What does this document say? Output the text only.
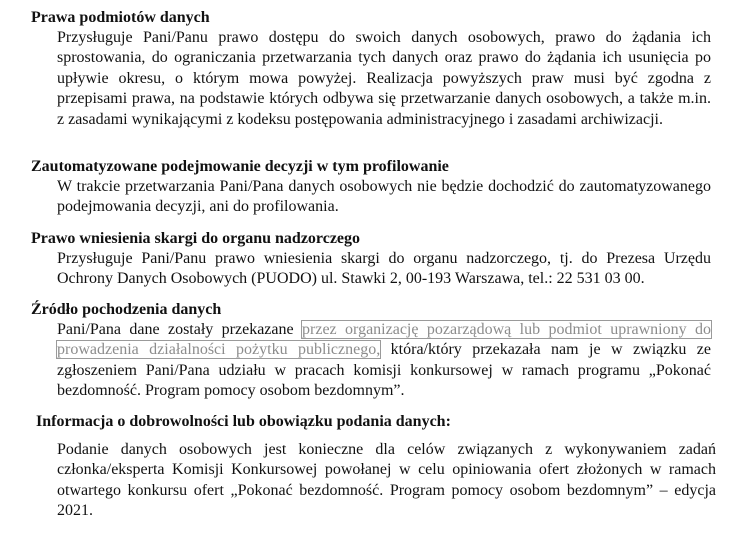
Prawa podmiotów danych

Przysługuje Pani/Panu prawo dostępu do swoich danych osobowych, prawo do żądania ich sprostowania, do ograniczania przetwarzania tych danych oraz prawo do żądania ich usunięcia po upływie okresu, o którym mowa powyżej. Realizacja powyższych praw musi być zgodna z przepisami prawa, na podstawie których odbywa się przetwarzanie danych osobowych, a także m.in. z zasadami wynikającymi z kodeksu postępowania administracyjnego i zasadami archiwizacji.

Zautomatyzowane podejmowanie decyzji w tym profilowanie

W trakcie przetwarzania Pani/Pana danych osobowych nie będzie dochodzić do zautomatyzowanego podejmowania decyzji, ani do profilowania.

Prawo wniesienia skargi do organu nadzorczego

Przysługuje Pani/Panu prawo wniesienia skargi do organu nadzorczego, tj. do Prezesa Urzędu Ochrony Danych Osobowych (PUODO) ul. Stawki 2, 00-193 Warszawa, tel.: 22 531 03 00.

Źródło pochodzenia danych

Pani/Pana dane zostały przekazane przez organizację pozarządową lub podmiot uprawniony do prowadzenia działalności pożytku publicznego, która/który przekazała nam je w związku ze zgłoszeniem Pani/Pana udziału w pracach komisji konkursowej w ramach programu „Pokonać bezdomność. Program pomocy osobom bezdomnym”.

Informacja o dobrowolności lub obowiązku podania danych:

Podanie danych osobowych jest konieczne dla celów związanych z wykonywaniem zadań członka/eksperta Komisji Konkursowej powołanej w celu opiniowania ofert złożonych w ramach otwartego konkursu ofert „Pokonać bezdomność. Program pomocy osobom bezdomnym” – edycja 2021.
